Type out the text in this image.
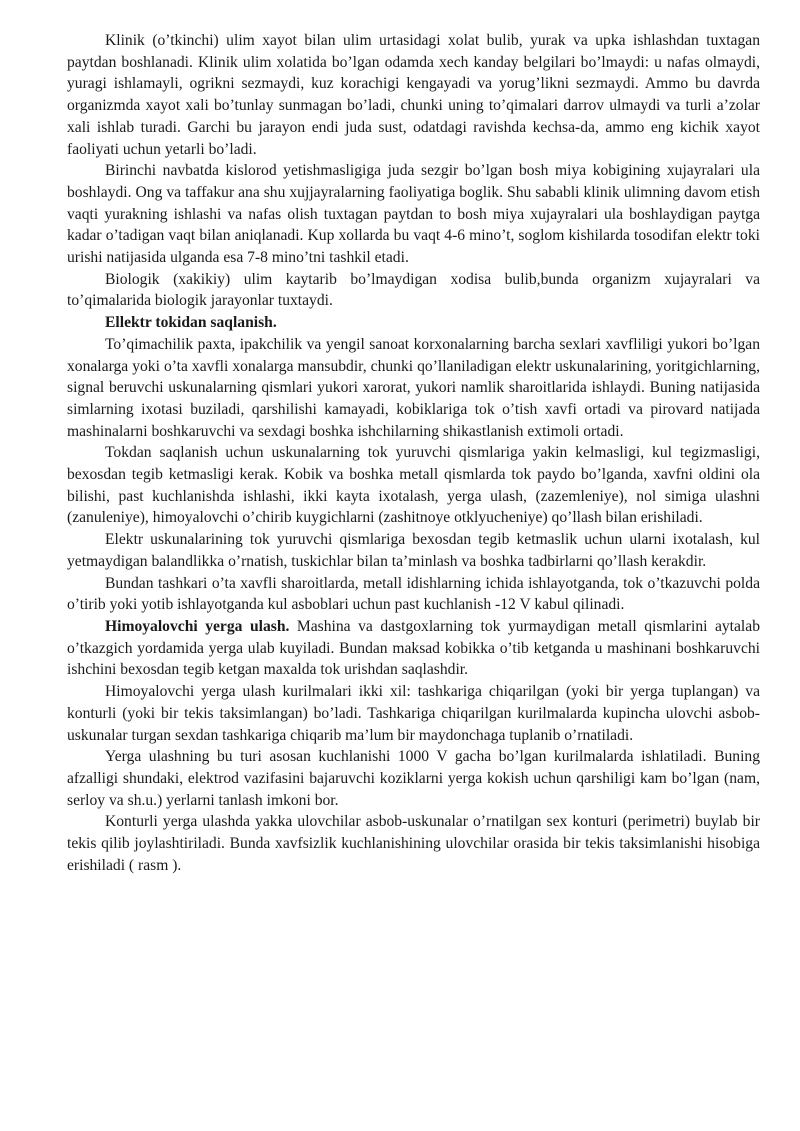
Klinik (o’tkinchi) ulim xayot bilan ulim urtasidagi xolat bulib, yurak va upka ishlashdan tuxtagan paytdan boshlanadi. Klinik ulim xolatida bo’lgan odamda xech kanday belgilari bo’lmaydi: u nafas olmaydi, yuragi ishlamayli, ogrikni sezmaydi, kuz korachigi kengayadi va yorug’likni sezmaydi. Ammo bu davrda organizmda xayot xali bo’tunlay sunmagan bo’ladi, chunki uning to’qimalari darrov ulmaydi va turli a’zolar xali ishlab turadi. Garchi bu jarayon endi juda sust, odatdagi ravishda kechsa-da, ammo eng kichik xayot faoliyati uchun yetarli bo’ladi.

Birinchi navbatda kislorod yetishmasligiga juda sezgir bo’lgan bosh miya kobigining xujayralari ula boshlaydi. Ong va taffakur ana shu xujjayralarning faoliyatiga boglik. Shu sababli klinik ulimning davom etish vaqti yurakning ishlashi va nafas olish tuxtagan paytdan to bosh miya xujayralari ula boshlaydigan paytga kadar o’tadigan vaqt bilan aniqlanadi. Kup xollarda bu vaqt 4-6 mino’t, soglom kishilarda tosodifan elektr toki urishi natijasida ulganda esa 7-8 mino’tni tashkil etadi.

Biologik (xakikiy) ulim kaytarib bo’lmaydigan xodisa bulib,bunda organizm xujayralari va to’qimalarida biologik jarayonlar tuxtaydi.

Ellektr tokidan saqlanish.

To’qimachilik paxta, ipakchilik va yengil sanoat korxonalarning barcha sexlari xavfliligi yukori bo’lgan xonalarga yoki o’ta xavfli xonalarga mansubdir, chunki qo’llaniladigan elektr uskunalarining, yoritgichlarning, signal beruvchi uskunalarning qismlari yukori xarorat, yukori namlik sharoitlarida ishlaydi. Buning natijasida simlarning ixotasi buziladi, qarshilishi kamayadi, kobiklariga tok o’tish xavfi ortadi va pirovard natijada mashinalarni boshkaruvchi va sexdagi boshka ishchilarning shikastlanish extimoli ortadi.

Tokdan saqlanish uchun uskunalarning tok yuruvchi qismlariga yakin kelmasligi, kul tegizmasligi, bexosdan tegib ketmasligi kerak. Kobik va boshka metall qismlarda tok paydo bo’lganda, xavfni oldini ola bilishi, past kuchlanishda ishlashi, ikki kayta ixotalash, yerga ulash, (zazemleniye), nol simiga ulashni (zanuleniye), himoyalovchi o’chirib kuygichlarni (zashitnoye otklyucheniye) qo’llash bilan erishiladi.

Elektr uskunalarining tok yuruvchi qismlariga bexosdan tegib ketmaslik uchun ularni ixotalash, kul yetmaydigan balandlikka o’rnatish, tuskichlar bilan ta’minlash va boshka tadbirlarni qo’llash kerakdir.

Bundan tashkari o’ta xavfli sharoitlarda, metall idishlarning ichida ishlayotganda, tok o’tkazuvchi polda o’tirib yoki yotib ishlayotganda kul asboblari uchun past kuchlanish -12 V kabul qilinadi.

Himoyalovchi yerga ulash. Mashina va dastgoxlarning tok yurmaydigan metall qismlarini aytalab o’tkazgich yordamida yerga ulab kuyiladi. Bundan maksad kobikka o’tib ketganda u mashinani boshkaruvchi ishchini bexosdan tegib ketgan maxalda tok urishdan saqlashdir.

Himoyalovchi yerga ulash kurilmalari ikki xil: tashkariga chiqarilgan (yoki bir yerga tuplangan) va konturli (yoki bir tekis taksimlangan) bo’ladi. Tashkariga chiqarilgan kurilmalarda kupincha ulovchi asbob-uskunalar turgan sexdan tashkariga chiqarib ma’lum bir maydonchaga tuplanib o’rnatiladi.

Yerga ulashning bu turi asosan kuchlanishi 1000 V gacha bo’lgan kurilmalarda ishlatiladi. Buning afzalligi shundaki, elektrod vazifasini bajaruvchi koziklarni yerga kokish uchun qarshiligi kam bo’lgan (nam, serloy va sh.u.) yerlarni tanlash imkoni bor.

Konturli yerga ulashda yakka ulovchilar asbob-uskunalar o’rnatilgan sex konturi (perimetri) buylab bir tekis qilib joylashtiriladi. Bunda xavfsizlik kuchlanishining ulovchilar orasida bir tekis taksimlanishi hisobiga erishiladi ( rasm ).
